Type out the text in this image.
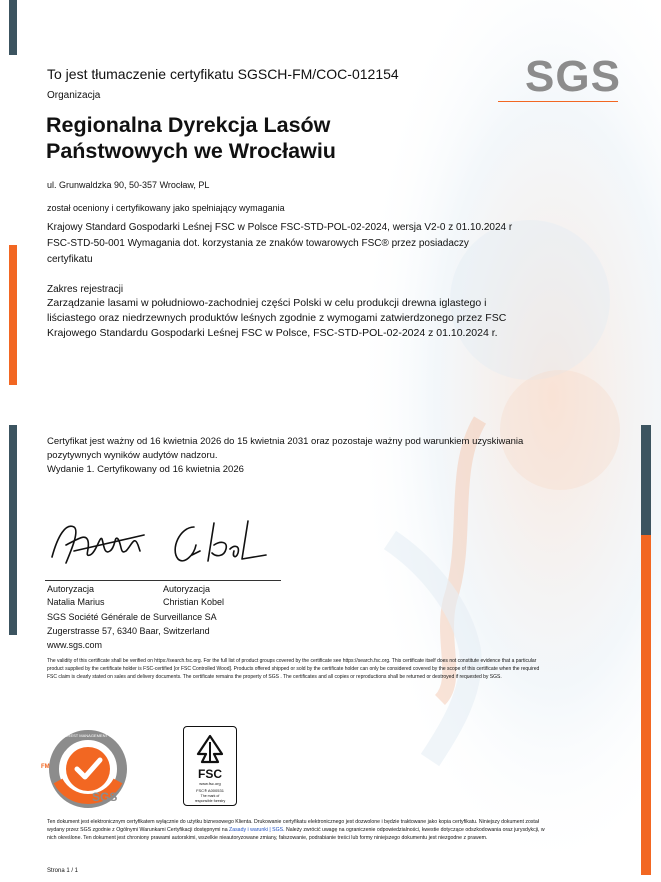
SGS
To jest tłumaczenie certyfikatu SGSCH-FM/COC-012154
Organizacja
Regionalna Dyrekcja Lasów
Państwowych we Wrocławiu
ul. Grunwaldzka 90, 50-357 Wrocław, PL
został oceniony i certyfikowany jako spełniający wymagania
Krajowy Standard Gospodarki Leśnej FSC w Polsce FSC-STD-POL-02-2024, wersja V2-0 z 01.10.2024 r
FSC-STD-50-001 Wymagania dot. korzystania ze znaków towarowych FSC® przez posiadaczy
certyfikatu
Zakres rejestracji
Zarządzanie lasami w południowo-zachodniej części Polski w celu produkcji drewna iglastego i
liściastego oraz niedrzewnych produktów leśnych zgodnie z wymogami zatwierdzonego przez FSC
Krajowego Standardu Gospodarki Leśnej FSC w Polsce, FSC-STD-POL-02-2024 z 01.10.2024 r.
Certyfikat jest ważny od 16 kwietnia 2026 do 15 kwietnia 2031 oraz pozostaje ważny pod warunkiem uzyskiwania
pozytywnych wyników audytów nadzoru.
Wydanie 1. Certyfikowany od 16 kwietnia 2026
Autoryzacja
Natalia Marius
Autoryzacja
Christian Kobel
SGS Société Générale de Surveillance SA
Zugerstrasse 57, 6340 Baar, Switzerland
www.sgs.com
The validity of this certificate shall be verified on https://search.fsc.org. For the full list of product groups covered by the certificate see https://search.fsc.org. This certificate itself does not constitute evidence that a particular product supplied by the certificate holder is FSC-certified [or FSC Controlled Wood]. Products offered shipped or sold by the certificate holder can only be considered covered by the scope of this certificate when the required FSC claim is clearly stated on sales and delivery documents. The certificate remains the property of SGS . The certificates and all copies or reproductions shall be returned or destroyed if requested by SGS.
FOREST MANAGEMENT CERTIFICATION
FM
SGS
FSC
www.fsc.org
FSC® A000531
The mark of
responsible forestry
Ten dokument jest elektronicznym certyfikatem wyłącznie do użytku biznesowego Klienta. Drukowanie certyfikatu elektronicznego jest dozwolone i będzie traktowane jako kopia certyfikatu. Niniejszy dokument został wydany przez SGS zgodnie z Ogólnymi Warunkami Certyfikacji dostępnymi na Zasady i warunki | SGS. Należy zwrócić uwagę na ograniczenie odpowiedzialności, kwestie dotyczące odszkodowania oraz jurysdykcji, w nich określone. Ten dokument jest chroniony prawami autorskimi, wszelkie nieautoryzowane zmiany, fałszowanie, podrabianie treści lub formy niniejszego dokumentu jest niezgodne z prawem.
Strona 1 / 1
